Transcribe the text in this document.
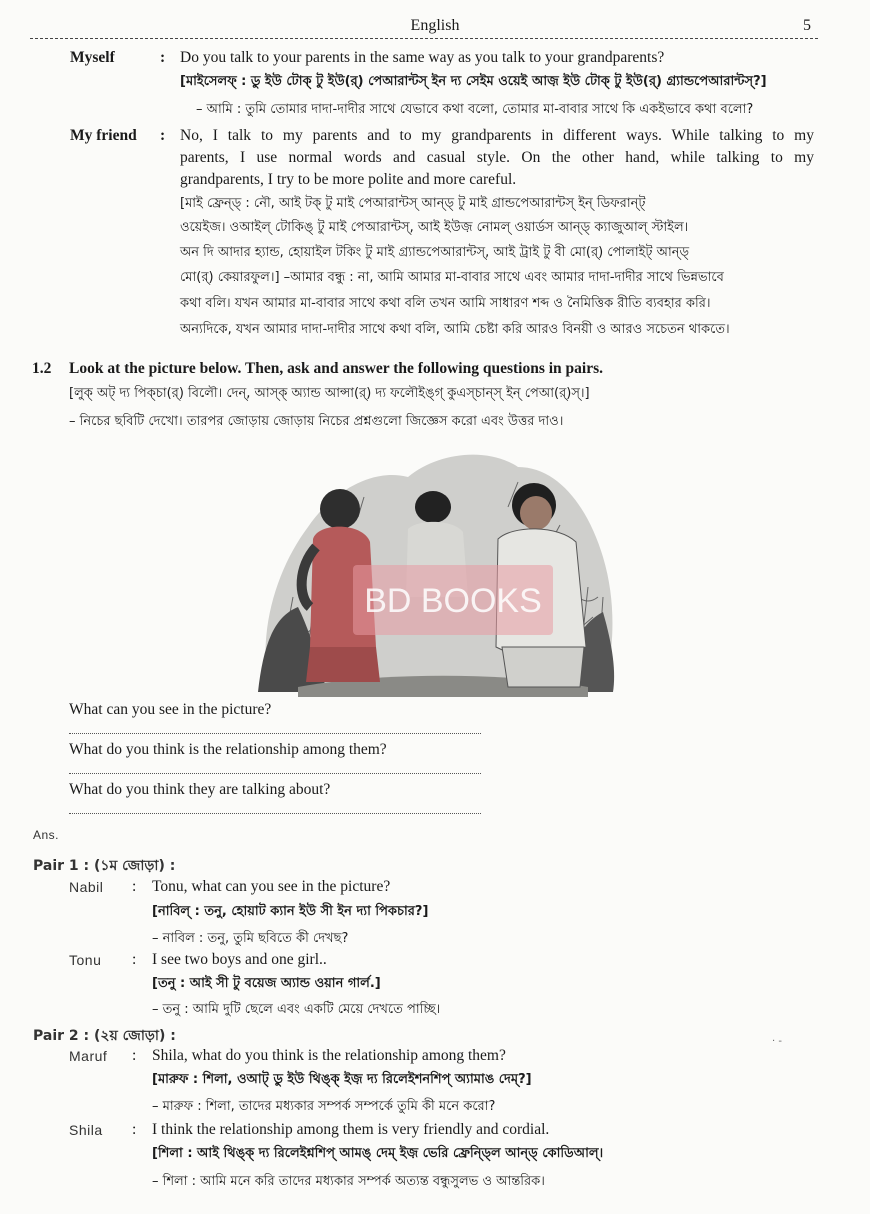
English	5
Myself	: Do you talk to your parents in the same way as you talk to your grandparents?
[মাইসেলফ্ : ডু ইউ টোক্ টু ইউ(র্) পেআরান্টস্ ইন দ্য সেইম ওয়েই আজ় ইউ টোক্ টু ইউ(র্) গ্র্যান্ডপেআরান্টস্?]
– আমি : তুমি তোমার দাদা-দাদীর সাথে যেভাবে কথা বলো, তোমার মা-বাবার সাথে কি একইভাবে কথা বলো?
My friend : No, I talk to my parents and to my grandparents in different ways. While talking to my
parents, I use normal words and casual style. On the other hand, while talking to my
grandparents, I try to be more polite and more careful.
[মাই ফ্রেন্ড্ : নৌ, আই টক্ টু মাই পেআরান্টস্ আন্ড্ টু মাই গ্রান্ডপেআরান্টস্ ইন্ ডিফরান্ট্
ওয়েইজ। ওআইল্ টোকিঙ্ টু মাই পেআরান্টস্, আই ইউজ় নোমল্ ওয়ার্ডস আন্ড্ ক্যাজুআল্ স্টাইল।
অন দি আদার হ্যান্ড, হোয়াইল টকিং টু মাই গ্র্যান্ডপেআরান্টস্, আই ট্রাই টু বী মো(র্) পোলাইট্ আন্ড্
মো(র্) কেয়ারফুল।] –আমার বন্ধু : না, আমি আমার মা-বাবার সাথে এবং আমার দাদা-দাদীর সাথে ভিন্নভাবে
কথা বলি। যখন আমার মা-বাবার সাথে কথা বলি তখন আমি সাধারণ শব্দ ও নৈমিত্তিক রীতি ব্যবহার করি।
অন্যদিকে, যখন আমার দাদা-দাদীর সাথে কথা বলি, আমি চেষ্টা করি আরও বিনয়ী ও আরও সচেতন থাকতে।
1.2 Look at the picture below. Then, ask and answer the following questions in pairs.
[লুক্ অট্ দ্য পিক্চা(র্) বিলৌ। দেন্, আস্ক্ অ্যান্ড আন্সা(র্) দ্য ফলৌইঙ্গ্ কুএস্চান্স্ ইন্ পেআ(র্)স্।]
– নিচের ছবিটি দেখো। তারপর জোড়ায় জোড়ায় নিচের প্রশ্নগুলো জিজ্ঞেস করো এবং উত্তর দাও।
BD BOOKS
What can you see in the picture?
What do you think is the relationship among them?
What do you think they are talking about?
Ans.
Pair 1 : (১ম জোড়া) :
Nabil : Tonu, what can you see in the picture?
[নাবিল্ : তনু, হোয়াট ক্যান ইউ সী ইন দ্যা পিকচার?]
– নাবিল : তনু, তুমি ছবিতে কী দেখছ?
Tonu : I see two boys and one girl..
[তনু : আই সী টু বয়েজ অ্যান্ড ওয়ান গার্ল.]
– তনু : আমি দুটি ছেলে এবং একটি মেয়ে দেখতে পাচ্ছি।
Pair 2 : (২য় জোড়া) :
Maruf : Shila, what do you think is the relationship among them?
[মারুফ : শিলা, ওআট্ ডু ইউ থিঙ্ক্ ইজ় দ্য রিলেইশনশিপ্ অ্যামাঙ দেম্?]
– মারুফ : শিলা, তাদের মধ্যকার সম্পর্ক সম্পর্কে তুমি কী মনে করো?
Shila : I think the relationship among them is very friendly and cordial.
[শিলা : আই থিঙ্ক্ দ্য রিলেইশ্নশিপ্ আমঙ্ দেম্ ইজ় ভেরি ফ্রেন্ড্লি আন্ড্ কোডিআল্।
– শিলা : আমি মনে করি তাদের মধ্যকার সম্পর্ক অত্যন্ত বন্ধুসুলভ ও আন্তরিক।
· ‑
